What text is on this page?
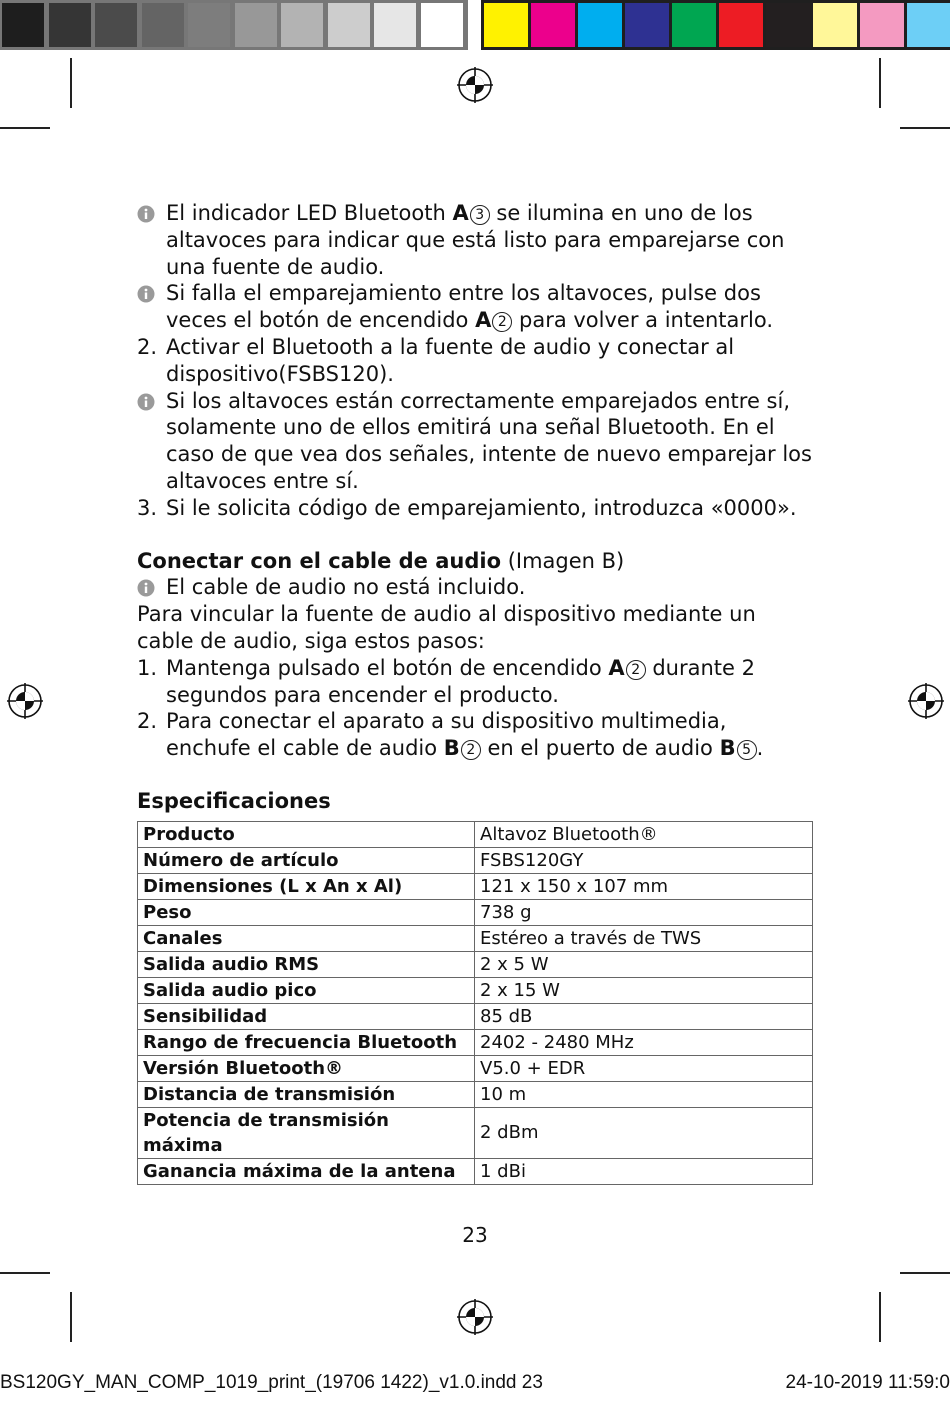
El indicador LED Bluetooth A 3 se ilumina en uno de los altavoces para indicar que está listo para emparejarse con una fuente de audio.
Si falla el emparejamiento entre los altavoces, pulse dos veces el botón de encendido A 2 para volver a intentarlo.
2. Activar el Bluetooth a la fuente de audio y conectar al dispositivo(FSBS120).
Si los altavoces están correctamente emparejados entre sí, solamente uno de ellos emitirá una señal Bluetooth. En el caso de que vea dos señales, intente de nuevo emparejar los altavoces entre sí.
3. Si le solicita código de emparejamiento, introduzca «0000».

Conectar con el cable de audio (Imagen B)

El cable de audio no está incluido.

Para vincular la fuente de audio al dispositivo mediante un cable de audio, siga estos pasos:

1. Mantenga pulsado el botón de encendido A 2 durante 2 segundos para encender el producto.
2. Para conectar el aparato a su dispositivo multimedia, enchufe el cable de audio B 2 en el puerto de audio B 5 .

Especificaciones

Producto	Altavoz Bluetooth®
Número de artículo	FSBS120GY
Dimensiones (L x An x Al)	121 x 150 x 107 mm
Peso	738 g
Canales	Estéreo a través de TWS
Salida audio RMS	2 x 5 W
Salida audio pico	2 x 15 W
Sensibilidad	85 dB
Rango de frecuencia Bluetooth	2402 - 2480 MHz
Versión Bluetooth®	V5.0 + EDR
Distancia de transmisión	10 m
Potencia de transmisión máxima	2 dBm
Ganancia máxima de la antena	1 dBi
23
BS120GY_MAN_COMP_1019_print_(19706 1422)_v1.0.indd 23	24-10-2019 11:59:0
